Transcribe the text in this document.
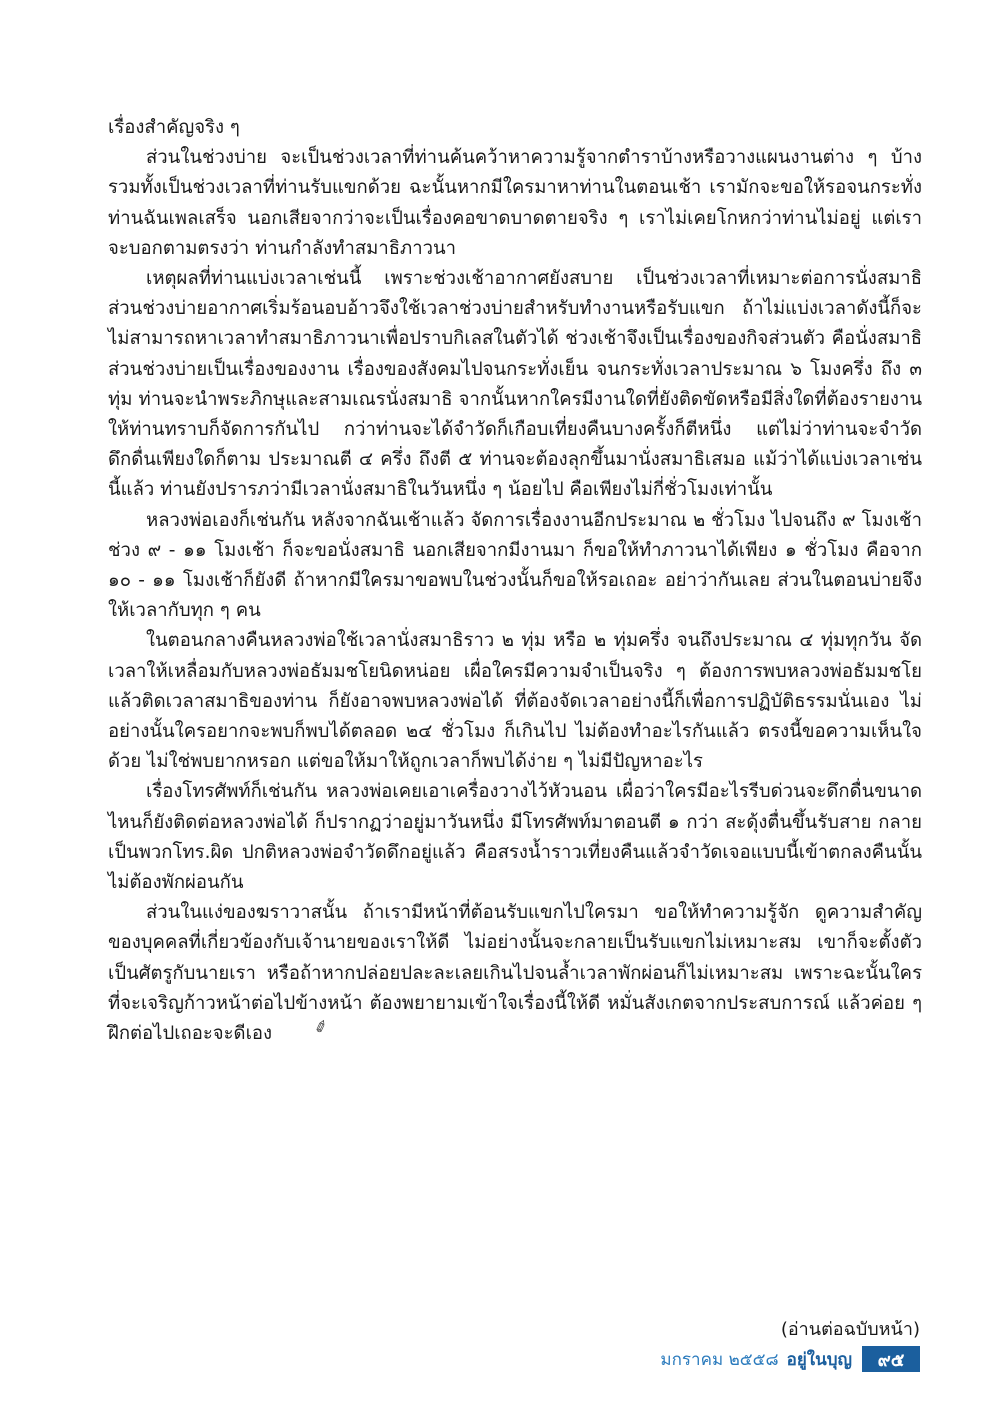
เรื่องสำคัญจริง ๆ

ส่วนในช่วงบ่าย จะเป็นช่วงเวลาที่ท่านค้นคว้าหาความรู้จากตำราบ้างหรือวางแผนงานต่าง ๆ บ้าง รวมทั้งเป็นช่วงเวลาที่ท่านรับแขกด้วย ฉะนั้นหากมีใครมาหาท่านในตอนเช้า เรามักจะขอให้รอจนกระทั่งท่านฉันเพลเสร็จ นอกเสียจากว่าจะเป็นเรื่องคอขาดบาดตายจริง ๆ เราไม่เคยโกหกว่าท่านไม่อยู่ แต่เราจะบอกตามตรงว่า ท่านกำลังทำสมาธิภาวนา

เหตุผลที่ท่านแบ่งเวลาเช่นนี้ เพราะช่วงเช้าอากาศยังสบาย เป็นช่วงเวลาที่เหมาะต่อการนั่งสมาธิ ส่วนช่วงบ่ายอากาศเริ่มร้อนอบอ้าวจึงใช้เวลาช่วงบ่ายสำหรับทำงานหรือรับแขก ถ้าไม่แบ่งเวลาดังนี้ก็จะไม่สามารถหาเวลาทำสมาธิภาวนาเพื่อปราบกิเลสในตัวได้ ช่วงเช้าจึงเป็นเรื่องของกิจส่วนตัว คือนั่งสมาธิ ส่วนช่วงบ่ายเป็นเรื่องของงาน เรื่องของสังคมไปจนกระทั่งเย็น จนกระทั่งเวลาประมาณ ๖ โมงครึ่ง ถึง ๓ ทุ่ม ท่านจะนำพระภิกษุและสามเณรนั่งสมาธิ จากนั้นหากใครมีงานใดที่ยังติดขัดหรือมีสิ่งใดที่ต้องรายงานให้ท่านทราบก็จัดการกันไป กว่าท่านจะได้จำวัดก็เกือบเที่ยงคืนบางครั้งก็ตีหนึ่ง แต่ไม่ว่าท่านจะจำวัดดึกดื่นเพียงใดก็ตาม ประมาณตี ๔ ครึ่ง ถึงตี ๕ ท่านจะต้องลุกขึ้นมานั่งสมาธิเสมอ แม้ว่าได้แบ่งเวลาเช่นนี้แล้ว ท่านยังปรารภว่ามีเวลานั่งสมาธิในวันหนึ่ง ๆ น้อยไป คือเพียงไม่กี่ชั่วโมงเท่านั้น

หลวงพ่อเองก็เช่นกัน หลังจากฉันเช้าแล้ว จัดการเรื่องงานอีกประมาณ ๒ ชั่วโมง ไปจนถึง ๙ โมงเช้า ช่วง ๙ - ๑๑ โมงเช้า ก็จะขอนั่งสมาธิ นอกเสียจากมีงานมา ก็ขอให้ทำภาวนาได้เพียง ๑ ชั่วโมง คือจาก ๑๐ - ๑๑ โมงเช้าก็ยังดี ถ้าหากมีใครมาขอพบในช่วงนั้นก็ขอให้รอเถอะ อย่าว่ากันเลย ส่วนในตอนบ่ายจึงให้เวลากับทุก ๆ คน

ในตอนกลางคืนหลวงพ่อใช้เวลานั่งสมาธิราว ๒ ทุ่ม หรือ ๒ ทุ่มครึ่ง จนถึงประมาณ ๔ ทุ่มทุกวัน จัดเวลาให้เหลื่อมกับหลวงพ่อธัมมชโยนิดหน่อย เผื่อใครมีความจำเป็นจริง ๆ ต้องการพบหลวงพ่อธัมมชโยแล้วติดเวลาสมาธิของท่าน ก็ยังอาจพบหลวงพ่อได้ ที่ต้องจัดเวลาอย่างนี้ก็เพื่อการปฏิบัติธรรมนั่นเอง ไม่อย่างนั้นใครอยากจะพบก็พบได้ตลอด ๒๔ ชั่วโมง ก็เกินไป ไม่ต้องทำอะไรกันแล้ว ตรงนี้ขอความเห็นใจด้วย ไม่ใช่พบยากหรอก แต่ขอให้มาให้ถูกเวลาก็พบได้ง่าย ๆ ไม่มีปัญหาอะไร

เรื่องโทรศัพท์ก็เช่นกัน หลวงพ่อเคยเอาเครื่องวางไว้หัวนอน เผื่อว่าใครมีอะไรรีบด่วนจะดึกดื่นขนาดไหนก็ยังติดต่อหลวงพ่อได้ ก็ปรากฏว่าอยู่มาวันหนึ่ง มีโทรศัพท์มาตอนตี ๑ กว่า สะดุ้งตื่นขึ้นรับสาย กลายเป็นพวกโทร.ผิด ปกติหลวงพ่อจำวัดดึกอยู่แล้ว คือสรงน้ำราวเที่ยงคืนแล้วจำวัดเจอแบบนี้เข้าตกลงคืนนั้นไม่ต้องพักผ่อนกัน

ส่วนในแง่ของฆราวาสนั้น ถ้าเรามีหน้าที่ต้อนรับแขกไปใครมา ขอให้ทำความรู้จัก ดูความสำคัญของบุคคลที่เกี่ยวข้องกับเจ้านายของเราให้ดี ไม่อย่างนั้นจะกลายเป็นรับแขกไม่เหมาะสม เขาก็จะตั้งตัวเป็นศัตรูกับนายเรา หรือถ้าหากปล่อยปละละเลยเกินไปจนล้ำเวลาพักผ่อนก็ไม่เหมาะสม เพราะฉะนั้นใครที่จะเจริญก้าวหน้าต่อไปข้างหน้า ต้องพยายามเข้าใจเรื่องนี้ให้ดี หมั่นสังเกตจากประสบการณ์ แล้วค่อย ๆ ฝึกต่อไปเถอะจะดีเอง ✐

(อ่านต่อฉบับหน้า)
มกราคม ๒๕๕๘ อยู่ในบุญ	๙๕
